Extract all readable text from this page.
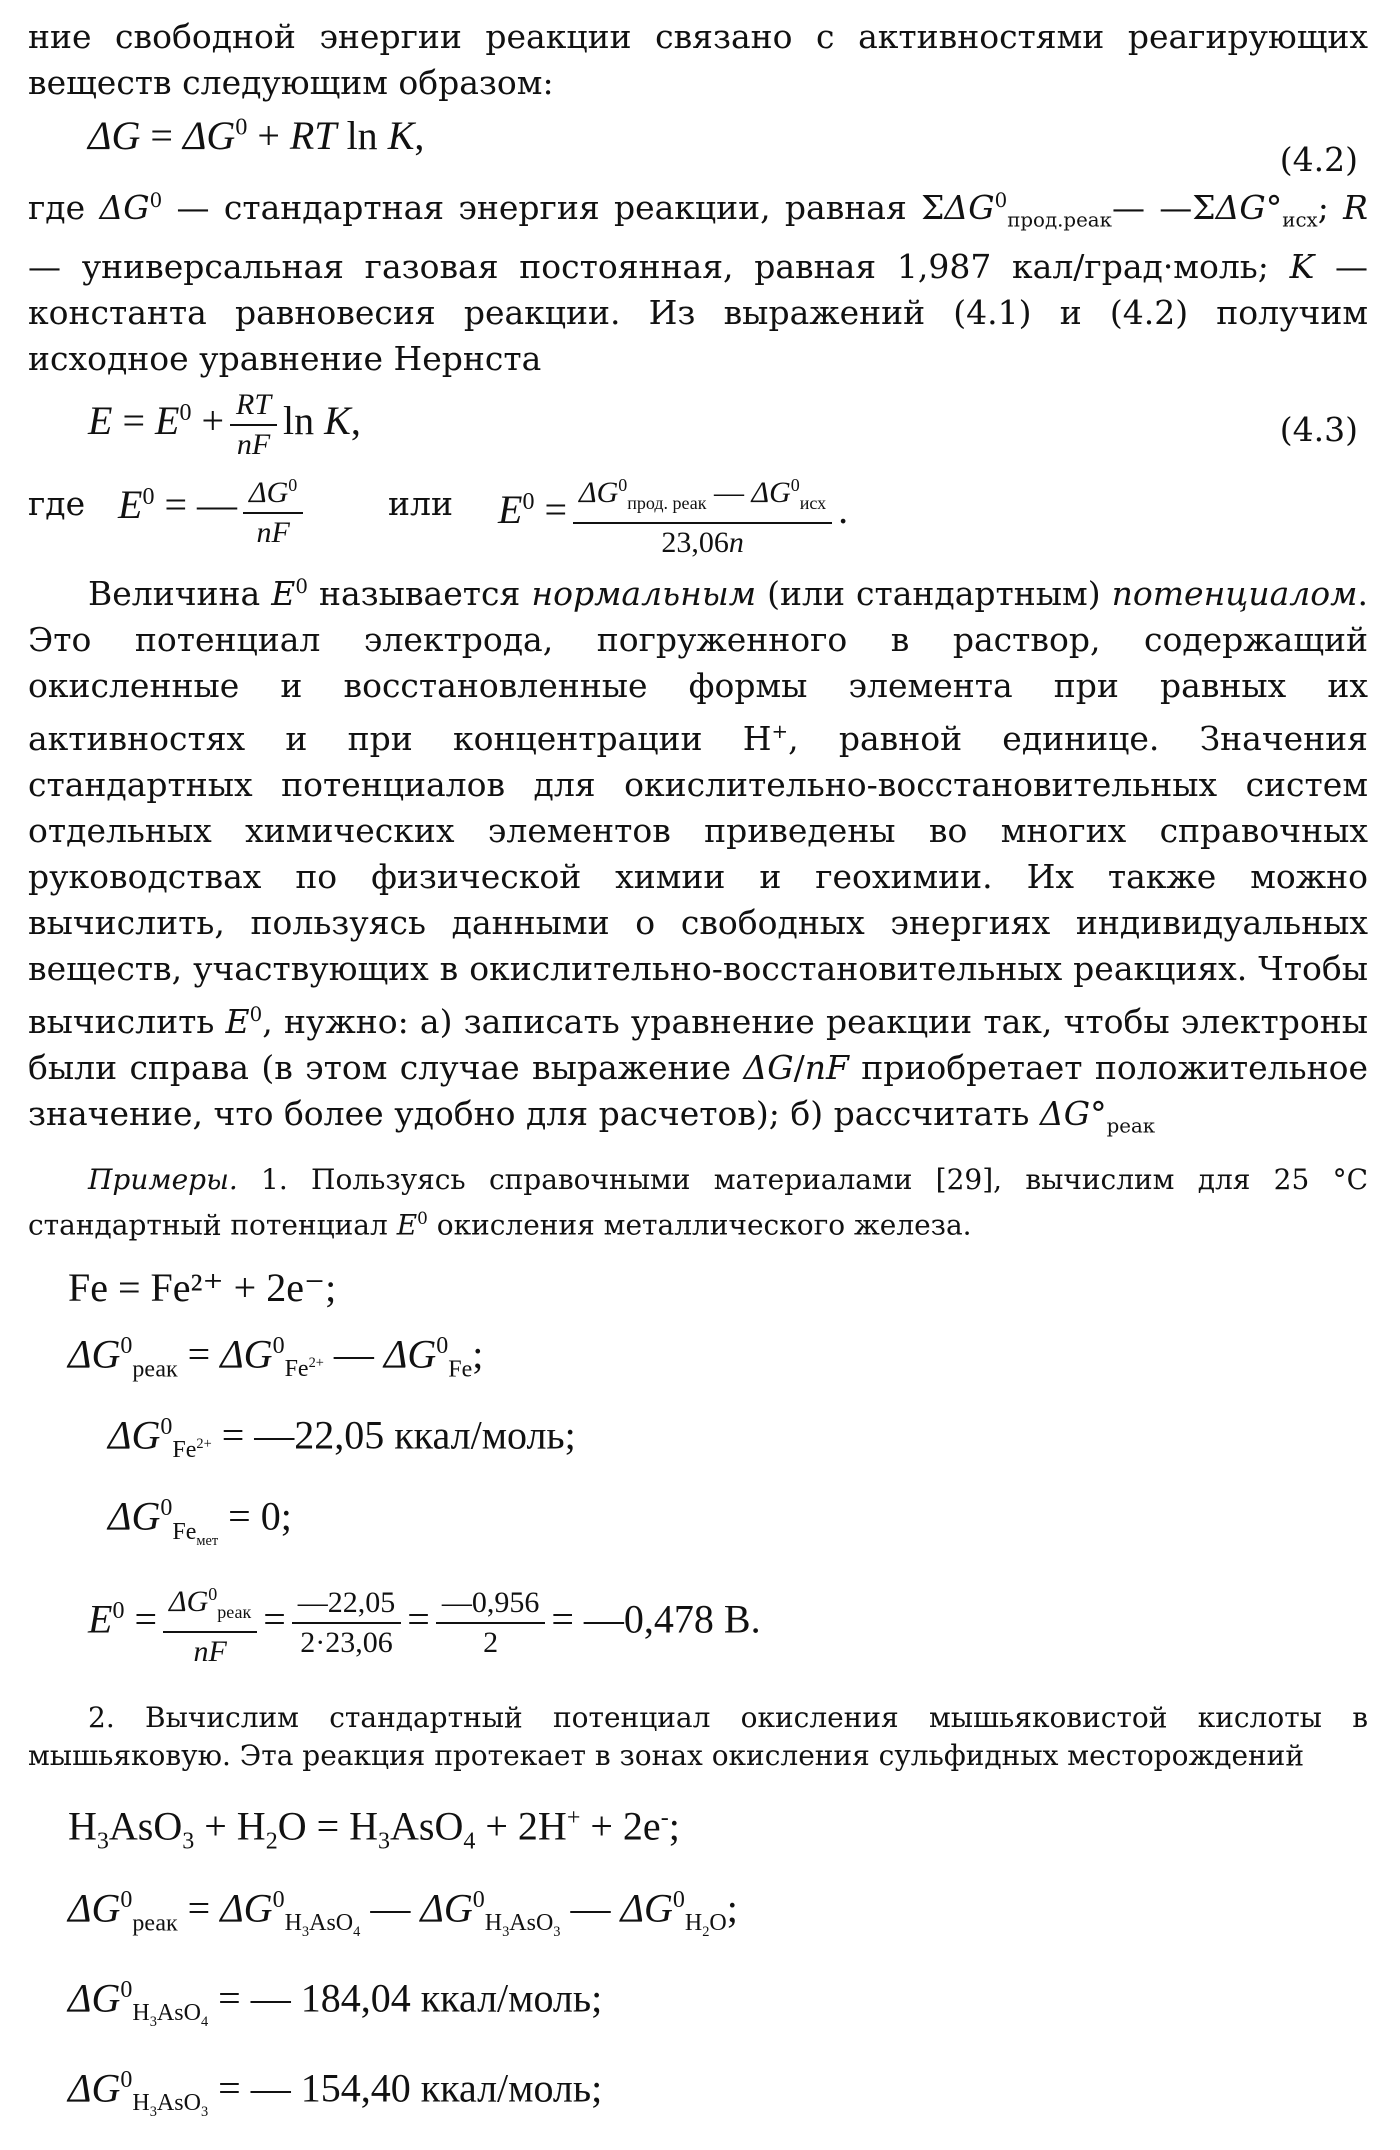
ние свободной энергии реакции связано с активностями реагирующих веществ следующим образом:

$\Delta G = \Delta G^0$ + RT ln K,
(4.2)

где $\Delta G^0$ — стандартная энергия реакции, равная $\Sigma\Delta G^0_{прод.реак}—$ $—\Sigma\Delta G^\circ_{исх}$; R — универсальная газовая постоянная, равная 1,987 кал/град·моль; K — константа равновесия реакции. Из выражений (4.1) и (4.2) получим исходное уравнение Нернста

$E = E^0 + \frac{RT}{nF}$ ln K,	(4.3)
где $E^0$ = — $\frac{\Delta G^0}{nF}$	или $E^0 = \frac{\Delta G^0_{прод. реак} — \Delta G^0_{исх}}{23,06n}$ .

Величина $E^0$ называется нормальным (или стандартным) потенциалом. Это потенциал электрода, погруженного в раствор, содержащий окисленные и восстановленные формы элемента при равных их активностях и при концентрации H+, равной единице. Значения стандартных потенциалов для окислительно-восстановительных систем отдельных химических элементов приведены во многих справочных руководствах по физической химии и геохимии. Их также можно вычислить, пользуясь данными о свободных энергиях индивидуальных веществ, участвующих в окислительно-восстановительных реакциях. Чтобы вычислить $E^0$, нужно: а) записать уравнение реакции так, чтобы электроны были справа (в этом случае выражение ΔG/nF приобретает положительное значение, что более удобно для расчетов); б) рассчитать $\Delta G^\circ_{реак}$

Примеры. 1. Пользуясь справочными материалами [29], вычислим для 25 °С стандартный потенциал $E^0$ окисления металлического железа.

Fe = Fe²⁺ + 2e⁻;

$\Delta G^0_{реак} = \Delta G^0_{Fe^{2+}}$ — $\Delta G^0_{Fe}$;

$\Delta G^0_{Fe^{2+}}$ = —22,05 ккал/моль;

$\Delta G^0_{Fe_{мет}} = 0$;

$E^0 = \frac{\Delta G^0_{реак}}{nF} = \frac{—22,05}{2\cdot 23,06} = \frac{—0,956}{2}$ = —0,478 В.

2. Вычислим стандартный потенциал окисления мышьяковистой кислоты в мышьяковую. Эта реакция протекает в зонах окисления сульфидных месторождений

$H_3AsO_3 + H_2O = H_3AsO_4 + 2H^+ + 2e^-$;

$\Delta G^0_{реак} = \Delta G^0_{H_3AsO_4}$ — $\Delta G^0_{H_3AsO_3}$ — $\Delta G^0_{H_2O}$;

$\Delta G^0_{H_3AsO_4}$ = — 184,04 ккал/моль;

$\Delta G^0_{H_3AsO_3}$ = — 154,40 ккал/моль;
